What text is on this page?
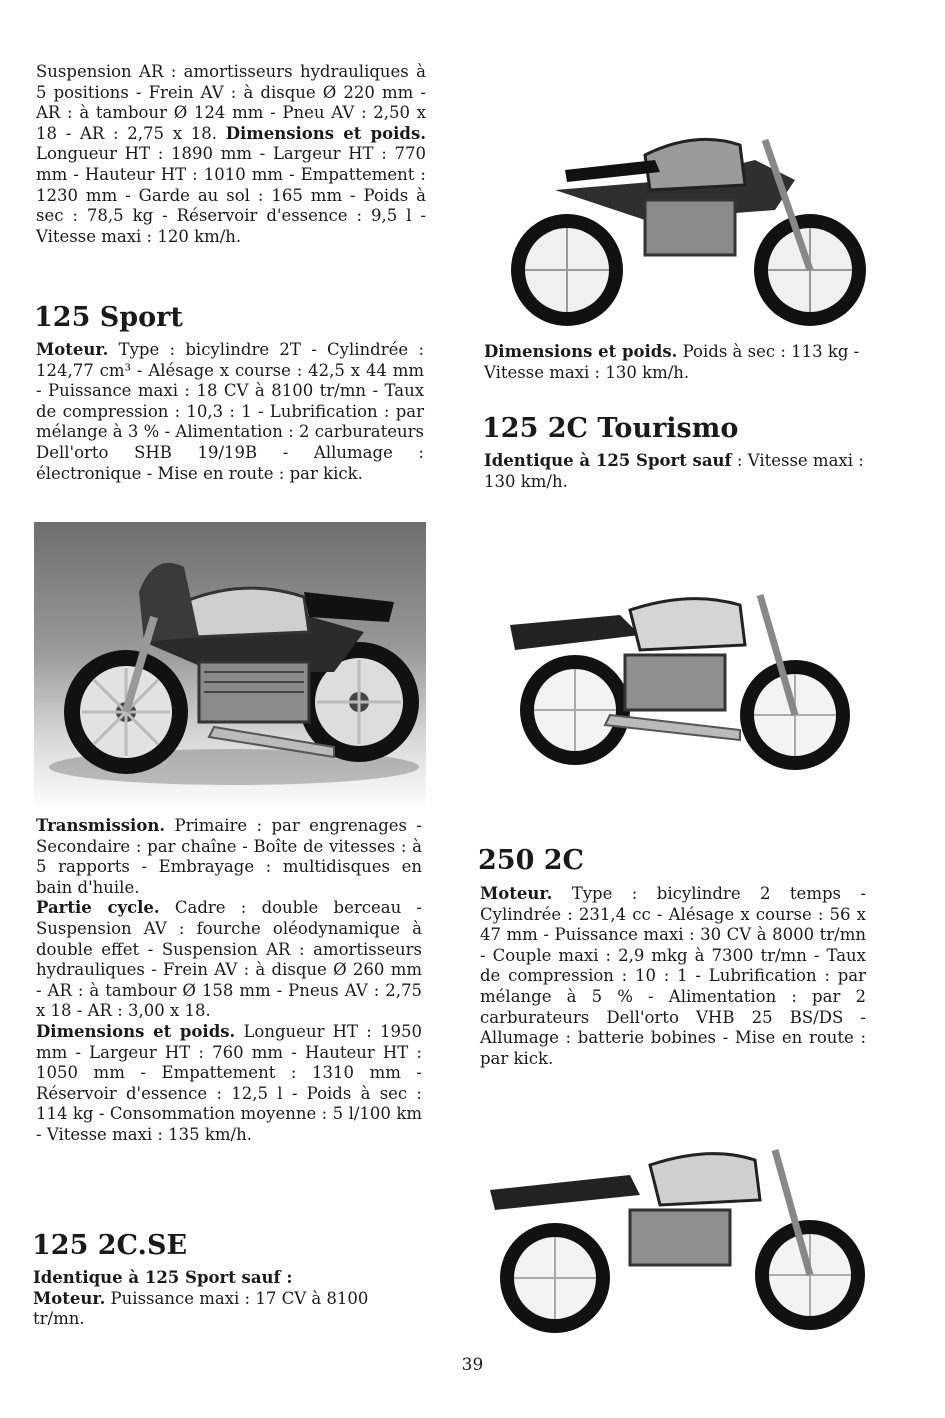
Suspension AR : amortisseurs hydrauliques à 5 positions - Frein AV : à disque Ø 220 mm - AR : à tambour Ø 124 mm - Pneu AV : 2,50 x 18 - AR : 2,75 x 18. Dimensions et poids. Longueur HT : 1890 mm - Largeur HT : 770 mm - Hauteur HT : 1010 mm - Empattement : 1230 mm - Garde au sol : 165 mm - Poids à sec : 78,5 kg - Réservoir d'essence : 9,5 l - Vitesse maxi : 120 km/h.

125 Sport

Moteur. Type : bicylindre 2T - Cylindrée : 124,77 cm³ - Alésage x course : 42,5 x 44 mm - Puissance maxi : 18 CV à 8100 tr/mn - Taux de compression : 10,3 : 1 - Lubrification : par mélange à 3 % - Alimentation : 2 carburateurs Dell'orto SHB 19/19B - Allumage : électronique - Mise en route : par kick.

Transmission. Primaire : par engrenages - Secondaire : par chaîne - Boîte de vitesses : à 5 rapports - Embrayage : multidisques en bain d'huile.
Partie cycle. Cadre : double berceau - Suspension AV : fourche oléodynamique à double effet - Suspension AR : amortisseurs hydrauliques - Frein AV : à disque Ø 260 mm - AR : à tambour Ø 158 mm - Pneus AV : 2,75 x 18 - AR : 3,00 x 18.
Dimensions et poids. Longueur HT : 1950 mm - Largeur HT : 760 mm - Hauteur HT : 1050 mm - Empattement : 1310 mm - Réservoir d'essence : 12,5 l - Poids à sec : 114 kg - Consommation moyenne : 5 l/100 km - Vitesse maxi : 135 km/h.

125 2C.SE

Identique à 125 Sport sauf :
Moteur. Puissance maxi : 17 CV à 8100 tr/mn.

Dimensions et poids. Poids à sec : 113 kg - Vitesse maxi : 130 km/h.

125 2C Tourismo

Identique à 125 Sport sauf : Vitesse maxi : 130 km/h.

250 2C

Moteur. Type : bicylindre 2 temps - Cylindrée : 231,4 cc - Alésage x course : 56 x 47 mm - Puissance maxi : 30 CV à 8000 tr/mn - Couple maxi : 2,9 mkg à 7300 tr/mn - Taux de compression : 10 : 1 - Lubrification : par mélange à 5 % - Alimentation : par 2 carburateurs Dell'orto VHB 25 BS/DS - Allumage : batterie bobines - Mise en route : par kick.

39
